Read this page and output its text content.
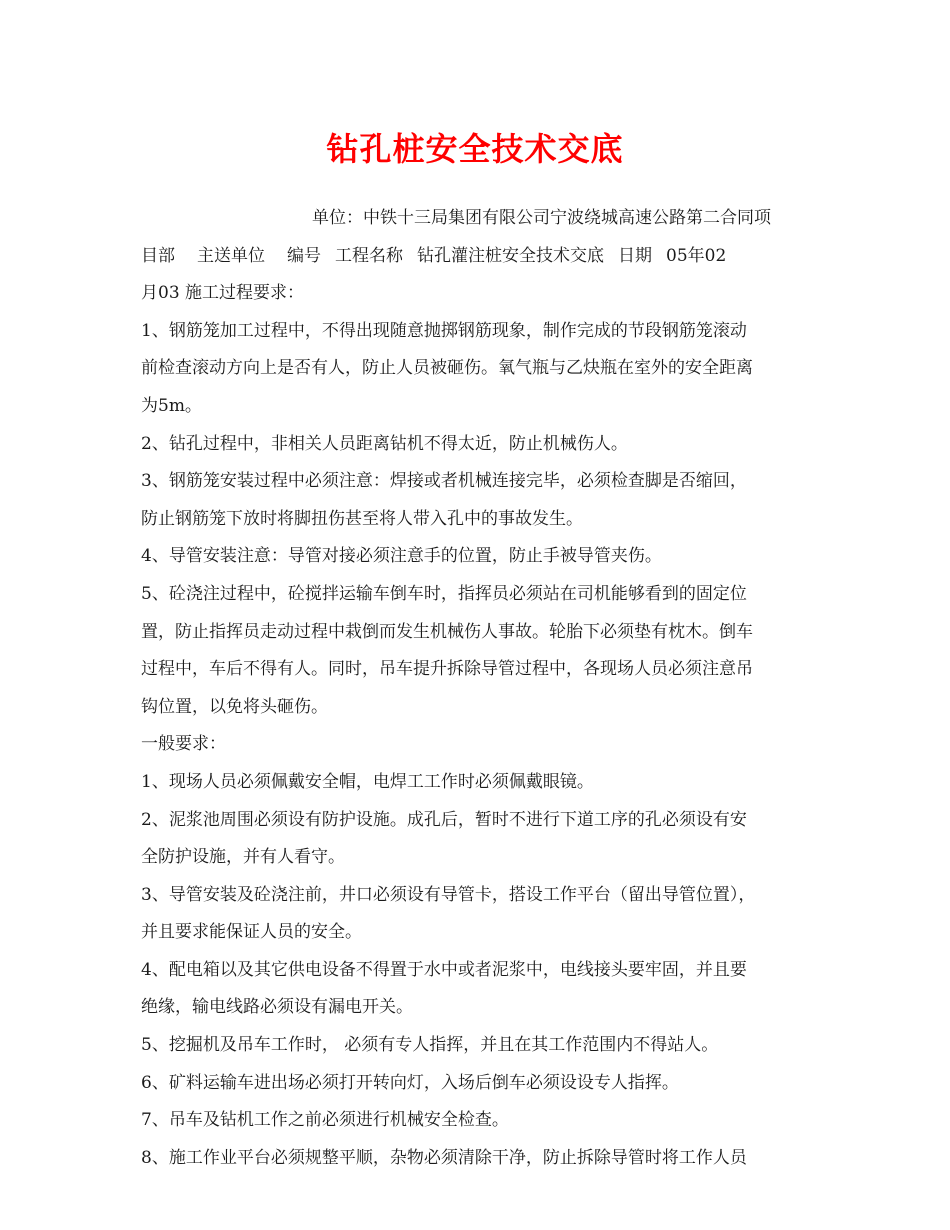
钻孔桩安全技术交底
单位：中铁十三局集团有限公司宁波绕城高速公路第二合同项
目部 主送单位 编号 工程名称 钻孔灌注桩安全技术交底 日期 05年02
月03 施工过程要求：
1、钢筋笼加工过程中，不得出现随意抛掷钢筋现象，制作完成的节段钢筋笼滚动
前检查滚动方向上是否有人，防止人员被砸伤。氧气瓶与乙炔瓶在室外的安全距离
为5m。
2、钻孔过程中，非相关人员距离钻机不得太近，防止机械伤人。
3、钢筋笼安装过程中必须注意：焊接或者机械连接完毕，必须检查脚是否缩回，
防止钢筋笼下放时将脚扭伤甚至将人带入孔中的事故发生。
4、导管安装注意：导管对接必须注意手的位置，防止手被导管夹伤。
5、砼浇注过程中，砼搅拌运输车倒车时，指挥员必须站在司机能够看到的固定位
置，防止指挥员走动过程中栽倒而发生机械伤人事故。轮胎下必须垫有枕木。倒车
过程中，车后不得有人。同时，吊车提升拆除导管过程中，各现场人员必须注意吊
钩位置，以免将头砸伤。
一般要求：
1、现场人员必须佩戴安全帽，电焊工工作时必须佩戴眼镜。
2、泥浆池周围必须设有防护设施。成孔后，暂时不进行下道工序的孔必须设有安
全防护设施，并有人看守。
3、导管安装及砼浇注前，井口必须设有导管卡，搭设工作平台（留出导管位置），
并且要求能保证人员的安全。
4、配电箱以及其它供电设备不得置于水中或者泥浆中，电线接头要牢固，并且要
绝缘，输电线路必须设有漏电开关。
5、挖掘机及吊车工作时， 必须有专人指挥，并且在其工作范围内不得站人。
6、矿料运输车进出场必须打开转向灯，入场后倒车必须设设专人指挥。
7、吊车及钻机工作之前必须进行机械安全检查。
8、施工作业平台必须规整平顺，杂物必须清除干净，防止拆除导管时将工作人员
